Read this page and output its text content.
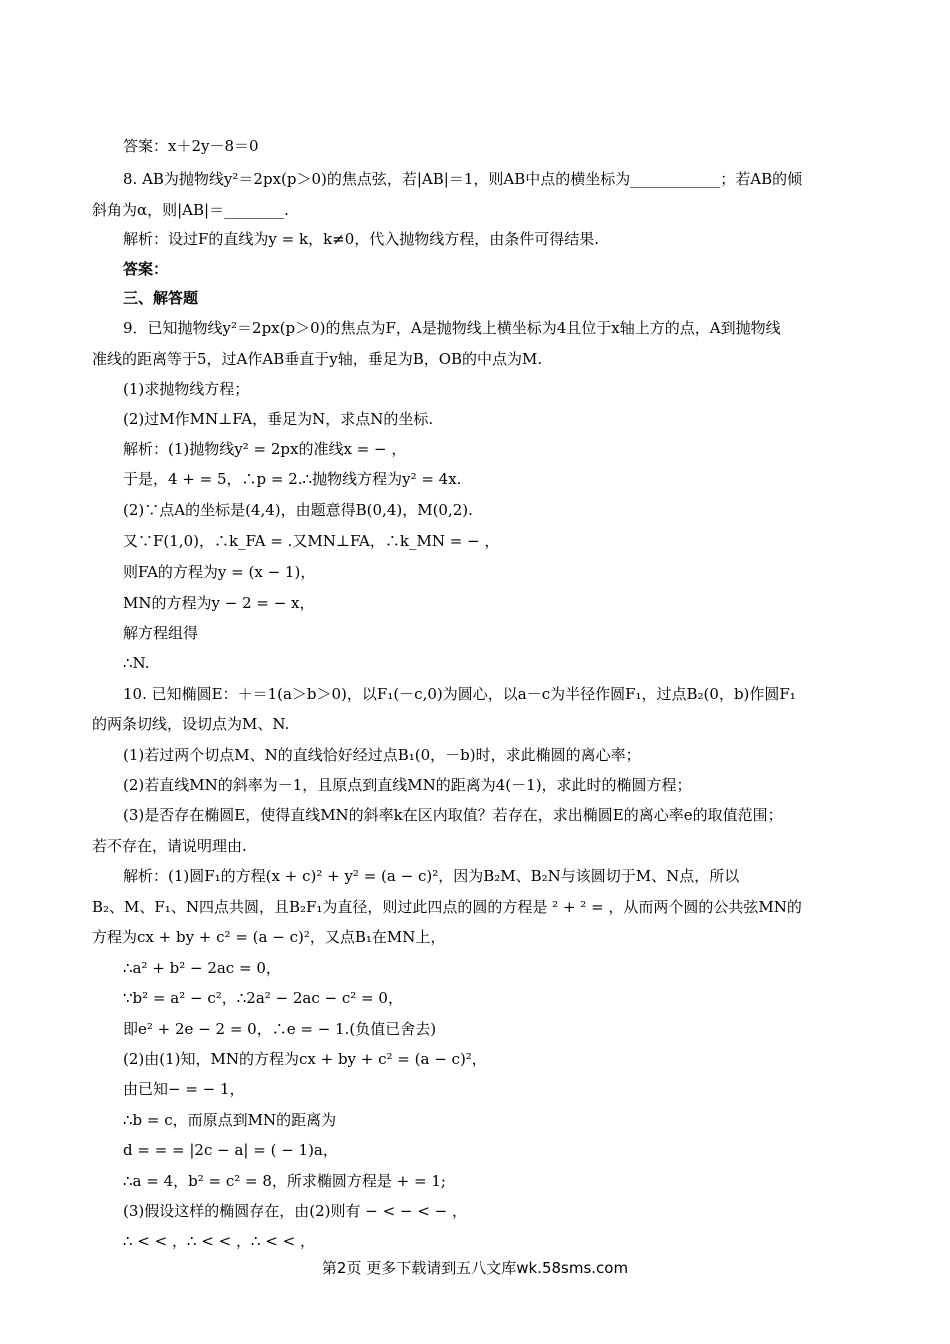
答案：x＋2y－8＝0

8. AB为抛物线y²＝2px(p＞0)的焦点弦，若|AB|＝1，则AB中点的横坐标为____________；若AB的倾

斜角为α，则|AB|＝________.

解析：设过F的直线为y = k，k≠0，代入抛物线方程，由条件可得结果.

答案：

三、解答题

9．已知抛物线y²＝2px(p＞0)的焦点为F，A是抛物线上横坐标为4且位于x轴上方的点，A到抛物线

准线的距离等于5，过A作AB垂直于y轴，垂足为B，OB的中点为M.

(1)求抛物线方程；

(2)过M作MN⊥FA，垂足为N，求点N的坐标.

解析：(1)抛物线y² = 2px的准线x = − ，

于是，4 + = 5，∴p = 2.∴抛物线方程为y² = 4x.

(2)∵点A的坐标是(4,4)，由题意得B(0,4)，M(0,2).

又∵F(1,0)，∴k_FA = .又MN⊥FA，∴k_MN = − ，

则FA的方程为y = (x − 1)，

MN的方程为y − 2 = − x，

解方程组得

∴N.

10. 已知椭圆E：＋＝1(a＞b＞0)，以F₁(－c,0)为圆心，以a－c为半径作圆F₁，过点B₂(0，b)作圆F₁

的两条切线，设切点为M、N.

(1)若过两个切点M、N的直线恰好经过点B₁(0，－b)时，求此椭圆的离心率；

(2)若直线MN的斜率为－1，且原点到直线MN的距离为4(－1)，求此时的椭圆方程；

(3)是否存在椭圆E，使得直线MN的斜率k在区内取值？若存在，求出椭圆E的离心率e的取值范围；

若不存在，请说明理由.

解析：(1)圆F₁的方程(x + c)² + y² = (a − c)²，因为B₂M、B₂N与该圆切于M、N点，所以

B₂、M、F₁、N四点共圆，且B₂F₁为直径，则过此四点的圆的方程是 ² + ² = ，从而两个圆的公共弦MN的

方程为cx + by + c² = (a − c)²，又点B₁在MN上，

∴a² + b² − 2ac = 0，

∵b² = a² − c²，∴2a² − 2ac − c² = 0，

即e² + 2e − 2 = 0，∴e = − 1.(负值已舍去)

(2)由(1)知，MN的方程为cx + by + c² = (a − c)²，

由已知− = − 1，

∴b = c，而原点到MN的距离为

d = = = |2c − a| = ( − 1)a，

∴a = 4，b² = c² = 8，所求椭圆方程是 + = 1;

(3)假设这样的椭圆存在，由(2)则有 − < − < − ，

∴ < < ，∴ < < ，∴ < < ，

第2页 更多下载请到五八文库wk.58sms.com
